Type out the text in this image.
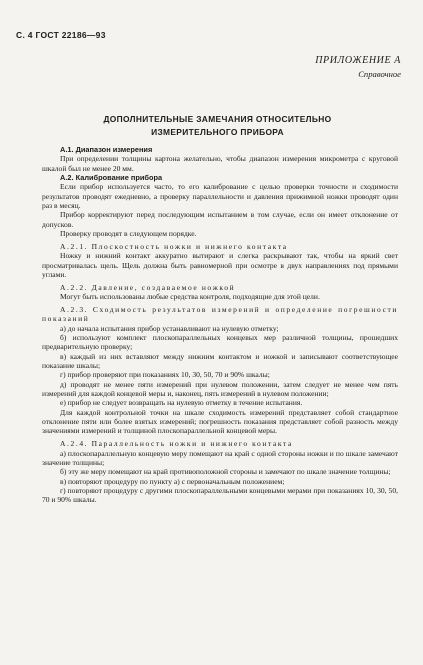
С. 4 ГОСТ 22186—93
ПРИЛОЖЕНИЕ А
Справочное
ДОПОЛНИТЕЛЬНЫЕ ЗАМЕЧАНИЯ ОТНОСИТЕЛЬНО
ИЗМЕРИТЕЛЬНОГО ПРИБОРА

А.1. Диапазон измерения

При определении толщины картона желательно, чтобы диапазон измерения микрометра с круговой шкалой был не менее 20 мм.

А.2. Калибрование прибора

Если прибор используется часто, то его калибрование с целью проверки точности и сходимости результатов проводят ежедневно, а проверку параллельности и давления прижимной ножки проводят один раз в месяц.

Прибор корректируют перед последующим испытанием в том случае, если он имеет отклонение от допусков.

Проверку проводят в следующем порядке.

А.2.1. Плоскостность ножки и нижнего контакта

Ножку и нижний контакт аккуратно вытирают и слегка раскрывают так, чтобы на яркий свет просматривалась щель. Щель должна быть равномерной при осмотре в двух направлениях под прямыми углами.

А.2.2. Давление, создаваемое ножкой

Могут быть использованы любые средства контроля, подходящие для этой цели.

А.2.3. Сходимость результатов измерений и определение погрешности показаний

а) до начала испытания прибор устанавливают на нулевую отметку;

б) используют комплект плоскопараллельных концевых мер различной толщины, прошедших предварительную проверку;

в) каждый из них вставляют между нижним контактом и ножкой и записывают соответствующее показание шкалы;

г) прибор проверяют при показаниях 10, 30, 50, 70 и 90% шкалы;

д) проводят не менее пяти измерений при нулевом положении, затем следует не менее чем пять измерений для каждой концевой меры и, наконец, пять измерений в нулевом положении;

е) прибор не следует возвращать на нулевую отметку в течение испытания.

Для каждой контрольной точки на шкале сходимость измерений представляет собой стандартное отклонение пяти или более взятых измерений; погрешность показания представляет собой разность между значениями измерений и толщиной плоскопараллельной концевой меры.

А.2.4. Параллельность ножки и нижнего контакта

а) плоскопараллельную концевую меру помещают на край с одной стороны ножки и по шкале замечают значение толщины;

б) эту же меру помещают на край противоположной стороны и замечают по шкале значение толщины;

в) повторяют процедуру по пункту а) с первоначальным положением;

г) повторяют процедуру с другими плоскопараллельными концевыми мерами при показаниях 10, 30, 50, 70 и 90% шкалы.
